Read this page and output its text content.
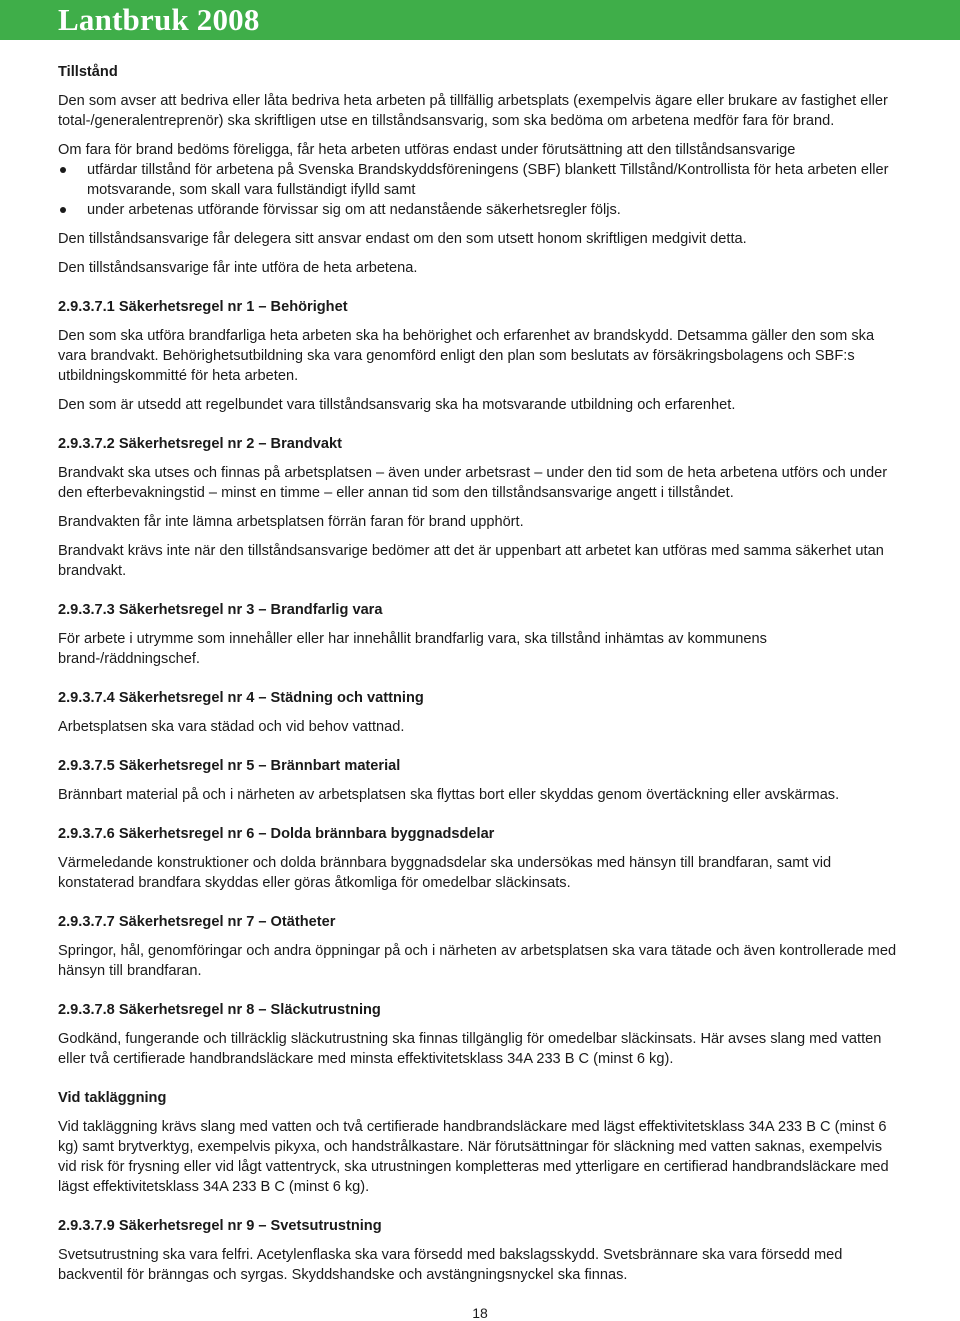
Lantbruk 2008

Tillstånd

Den som avser att bedriva eller låta bedriva heta arbeten på tillfällig arbetsplats (exempelvis ägare eller brukare av fastighet eller total-/generalentreprenör) ska skriftligen utse en tillståndsansvarig, som ska bedöma om arbetena medför fara för brand.

Om fara för brand bedöms föreligga, får heta arbeten utföras endast under förutsättning att den tillståndsansvarige

utfärdar tillstånd för arbetena på Svenska Brandskyddsföreningens (SBF) blankett Tillstånd/Kontrollista för heta arbeten eller motsvarande, som skall vara fullständigt ifylld samt
under arbetenas utförande förvissar sig om att nedanstående säkerhetsregler följs.

Den tillståndsansvarige får delegera sitt ansvar endast om den som utsett honom skriftligen medgivit detta.

Den tillståndsansvarige får inte utföra de heta arbetena.

2.9.3.7.1 Säkerhetsregel nr 1 – Behörighet

Den som ska utföra brandfarliga heta arbeten ska ha behörighet och erfarenhet av brandskydd. Detsamma gäller den som ska vara brandvakt. Behörighetsutbildning ska vara genomförd enligt den plan som beslutats av försäkringsbolagens och SBF:s utbildningskommitté för heta arbeten.

Den som är utsedd att regelbundet vara tillståndsansvarig ska ha motsvarande utbildning och erfarenhet.

2.9.3.7.2 Säkerhetsregel nr 2 – Brandvakt

Brandvakt ska utses och finnas på arbetsplatsen – även under arbetsrast – under den tid som de heta arbetena utförs och under den efterbevakningstid – minst en timme – eller annan tid som den tillståndsansvarige angett i tillståndet.

Brandvakten får inte lämna arbetsplatsen förrän faran för brand upphört.

Brandvakt krävs inte när den tillståndsansvarige bedömer att det är uppenbart att arbetet kan utföras med samma säkerhet utan brandvakt.

2.9.3.7.3 Säkerhetsregel nr 3 – Brandfarlig vara

För arbete i utrymme som innehåller eller har innehållit brandfarlig vara, ska tillstånd inhämtas av kommunens brand-/räddningschef.

2.9.3.7.4 Säkerhetsregel nr 4 – Städning och vattning

Arbetsplatsen ska vara städad och vid behov vattnad.

2.9.3.7.5 Säkerhetsregel nr 5 – Brännbart material

Brännbart material på och i närheten av arbetsplatsen ska flyttas bort eller skyddas genom övertäckning eller avskärmas.

2.9.3.7.6 Säkerhetsregel nr 6 – Dolda brännbara byggnadsdelar

Värmeledande konstruktioner och dolda brännbara byggnadsdelar ska undersökas med hänsyn till brandfaran, samt vid konstaterad brandfara skyddas eller göras åtkomliga för omedelbar släckinsats.

2.9.3.7.7 Säkerhetsregel nr 7 – Otätheter

Springor, hål, genomföringar och andra öppningar på och i närheten av arbetsplatsen ska vara tätade och även kontrollerade med hänsyn till brandfaran.

2.9.3.7.8 Säkerhetsregel nr 8 – Släckutrustning

Godkänd, fungerande och tillräcklig släckutrustning ska finnas tillgänglig för omedelbar släckinsats. Här avses slang med vatten eller två certifierade handbrandsläckare med minsta effektivitetsklass 34A 233 B C (minst 6 kg).

Vid takläggning

Vid takläggning krävs slang med vatten och två certifierade handbrandsläckare med lägst effektivitetsklass 34A 233 B C (minst 6 kg) samt brytverktyg, exempelvis pikyxa, och handstrålkastare. När förutsättningar för släckning med vatten saknas, exempelvis vid risk för frysning eller vid lågt vattentryck, ska utrustningen kompletteras med ytterligare en certifierad handbrandsläckare med lägst effektivitetsklass 34A 233 B C (minst 6 kg).

2.9.3.7.9 Säkerhetsregel nr 9 – Svetsutrustning

Svetsutrustning ska vara felfri. Acetylenflaska ska vara försedd med bakslagsskydd. Svetsbrännare ska vara försedd med backventil för bränngas och syrgas. Skyddshandske och avstängningsnyckel ska finnas.

18
